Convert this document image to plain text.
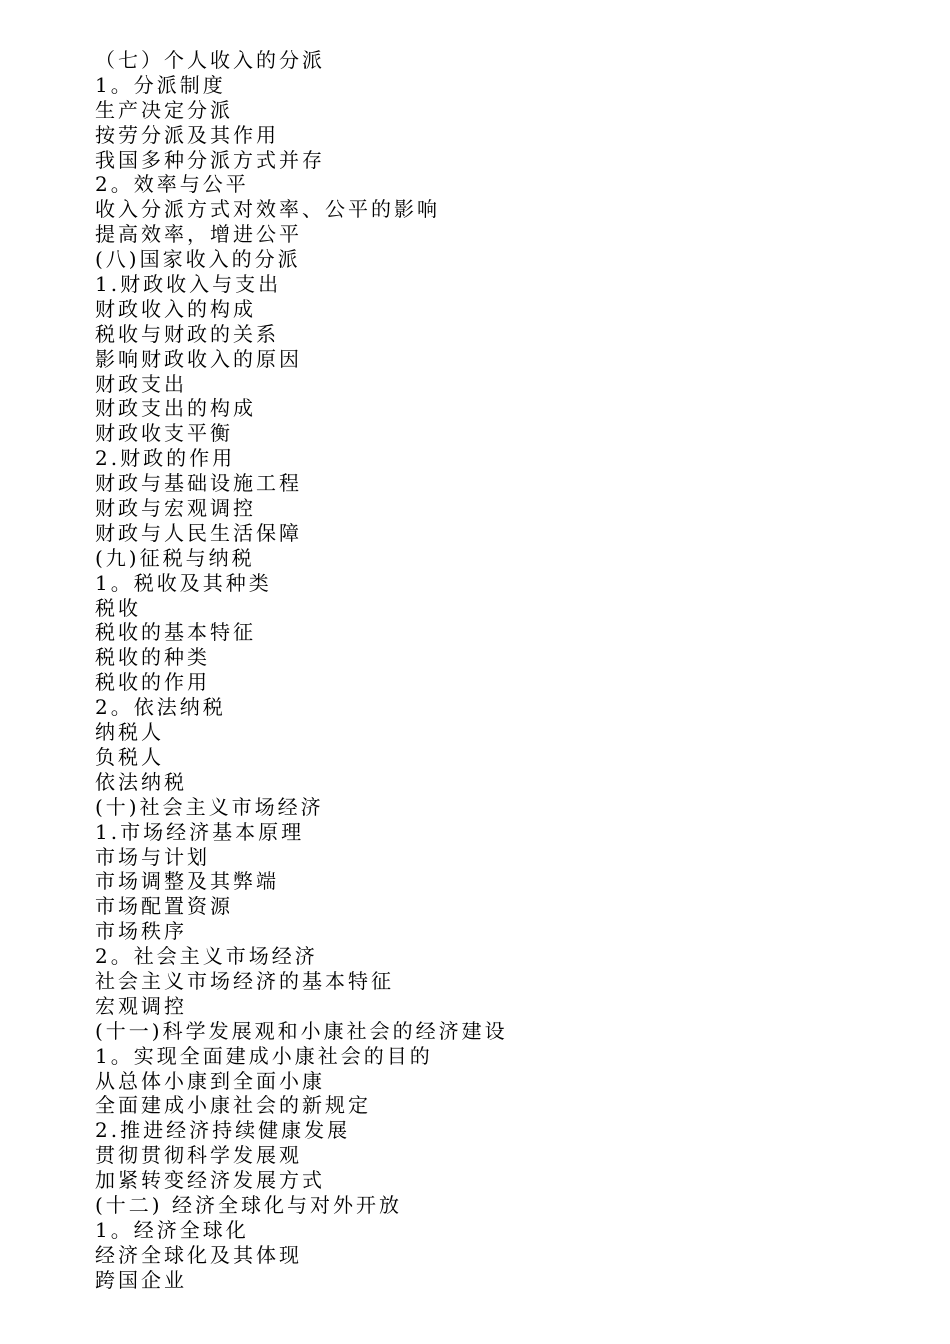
（七）个人收入的分派
1。分派制度
生产决定分派
按劳分派及其作用
我国多种分派方式并存
2。效率与公平
收入分派方式对效率、公平的影响
提高效率，增进公平
(八)国家收入的分派
1.财政收入与支出
财政收入的构成
税收与财政的关系
影响财政收入的原因
财政支出
财政支出的构成
财政收支平衡
2.财政的作用
财政与基础设施工程
财政与宏观调控
财政与人民生活保障
(九)征税与纳税
1。税收及其种类
税收
税收的基本特征
税收的种类
税收的作用
2。依法纳税
纳税人
负税人
依法纳税
(十)社会主义市场经济
1.市场经济基本原理
市场与计划
市场调整及其弊端
市场配置资源
市场秩序
2。社会主义市场经济
社会主义市场经济的基本特征
宏观调控
(十一)科学发展观和小康社会的经济建设
1。实现全面建成小康社会的目的
从总体小康到全面小康
全面建成小康社会的新规定
2.推进经济持续健康发展
贯彻贯彻科学发展观
加紧转变经济发展方式
(十二) 经济全球化与对外开放
1。经济全球化
经济全球化及其体现
跨国企业
